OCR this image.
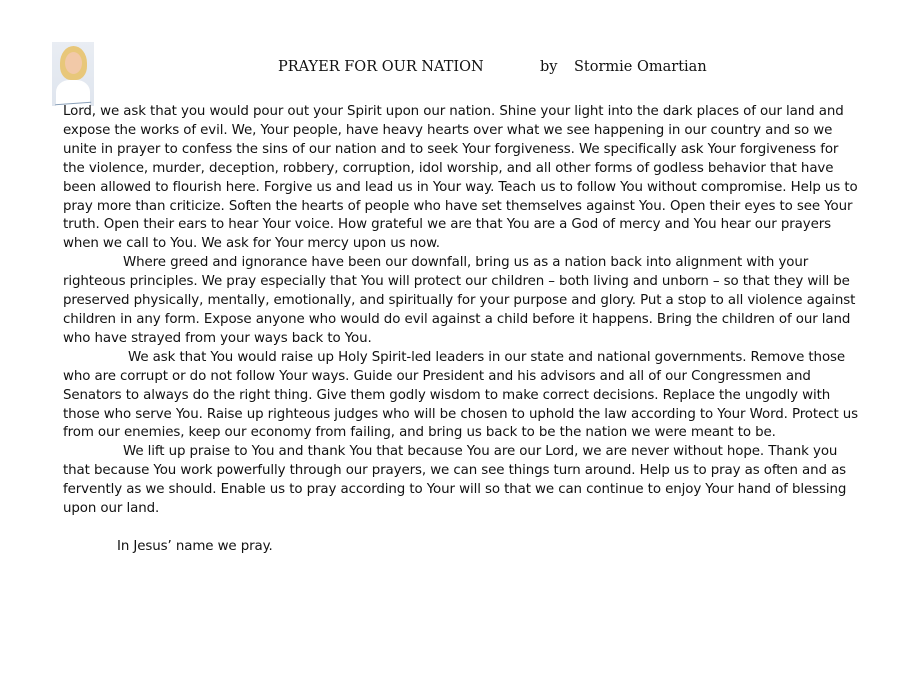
PRAYER FOR OUR NATION	by Stormie Omartian

Lord, we ask that you would pour out your Spirit upon our nation. Shine your light into the dark places of our land and expose the works of evil. We, Your people, have heavy hearts over what we see happening in our country and so we unite in prayer to confess the sins of our nation and to seek Your forgiveness. We specifically ask Your forgiveness for the violence, murder, deception, robbery, corruption, idol worship, and all other forms of godless behavior that have been allowed to flourish here. Forgive us and lead us in Your way. Teach us to follow You without compromise. Help us to pray more than criticize. Soften the hearts of people who have set themselves against You. Open their eyes to see Your truth. Open their ears to hear Your voice. How grateful we are that You are a God of mercy and You hear our prayers when we call to You. We ask for Your mercy upon us now.

Where greed and ignorance have been our downfall, bring us as a nation back into alignment with your righteous principles. We pray especially that You will protect our children – both living and unborn – so that they will be preserved physically, mentally, emotionally, and spiritually for your purpose and glory. Put a stop to all violence against children in any form. Expose anyone who would do evil against a child before it happens. Bring the children of our land who have strayed from your ways back to You.

We ask that You would raise up Holy Spirit-led leaders in our state and national governments. Remove those who are corrupt or do not follow Your ways. Guide our President and his advisors and all of our Congressmen and Senators to always do the right thing. Give them godly wisdom to make correct decisions. Replace the ungodly with those who serve You. Raise up righteous judges who will be chosen to uphold the law according to Your Word. Protect us from our enemies, keep our economy from failing, and bring us back to be the nation we were meant to be.

We lift up praise to You and thank You that because You are our Lord, we are never without hope. Thank you that because You work powerfully through our prayers, we can see things turn around. Help us to pray as often and as fervently as we should. Enable us to pray according to Your will so that we can continue to enjoy Your hand of blessing upon our land.

In Jesus’ name we pray.
